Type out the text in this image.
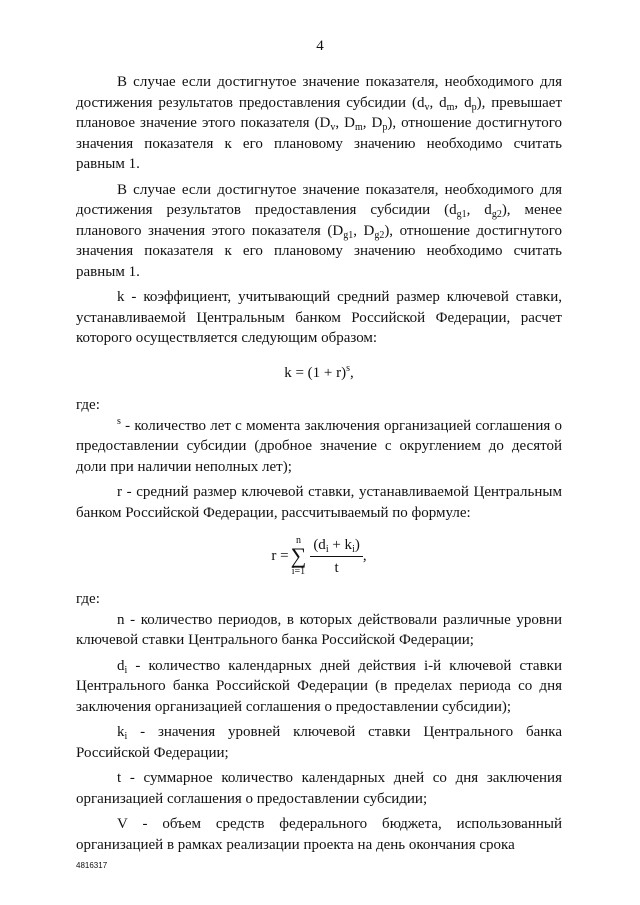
4

В случае если достигнутое значение показателя, необходимого для достижения результатов предоставления субсидии ($d_v$, $d_m$, $d_p$), превышает плановое значение этого показателя ($D_v$, $D_m$, $D_p$), отношение достигнутого значения показателя к его плановому значению необходимо считать равным 1.

В случае если достигнутое значение показателя, необходимого для достижения результатов предоставления субсидии ($d_{g1}$, $d_{g2}$), менее планового значения этого показателя ($D_{g1}$, $D_{g2}$), отношение достигнутого значения показателя к его плановому значению необходимо считать равным 1.

k - коэффициент, учитывающий средний размер ключевой ставки, устанавливаемой Центральным банком Российской Федерации, расчет которого осуществляется следующим образом:

$k = (1 + r)^s$,

где:

$^s$ - количество лет с момента заключения организацией соглашения о предоставлении субсидии (дробное значение с округлением до десятой доли при наличии неполных лет);

r - средний размер ключевой ставки, устанавливаемой Центральным банком Российской Федерации, рассчитываемый по формуле:

r =
n
∑
$i=1 \frac{(d_i + k_i)}{t}$ ,

где:

n - количество периодов, в которых действовали различные уровни ключевой ставки Центрального банка Российской Федерации;

$d_i$ - количество календарных дней действия i-й ключевой ставки Центрального банка Российской Федерации (в пределах периода со дня заключения организацией соглашения о предоставлении субсидии);

$k_i$ - значения уровней ключевой ставки Центрального банка Российской Федерации;

t - суммарное количество календарных дней со дня заключения организацией соглашения о предоставлении субсидии;

V - объем средств федерального бюджета, использованный организацией в рамках реализации проекта на день окончания срока

4816317
